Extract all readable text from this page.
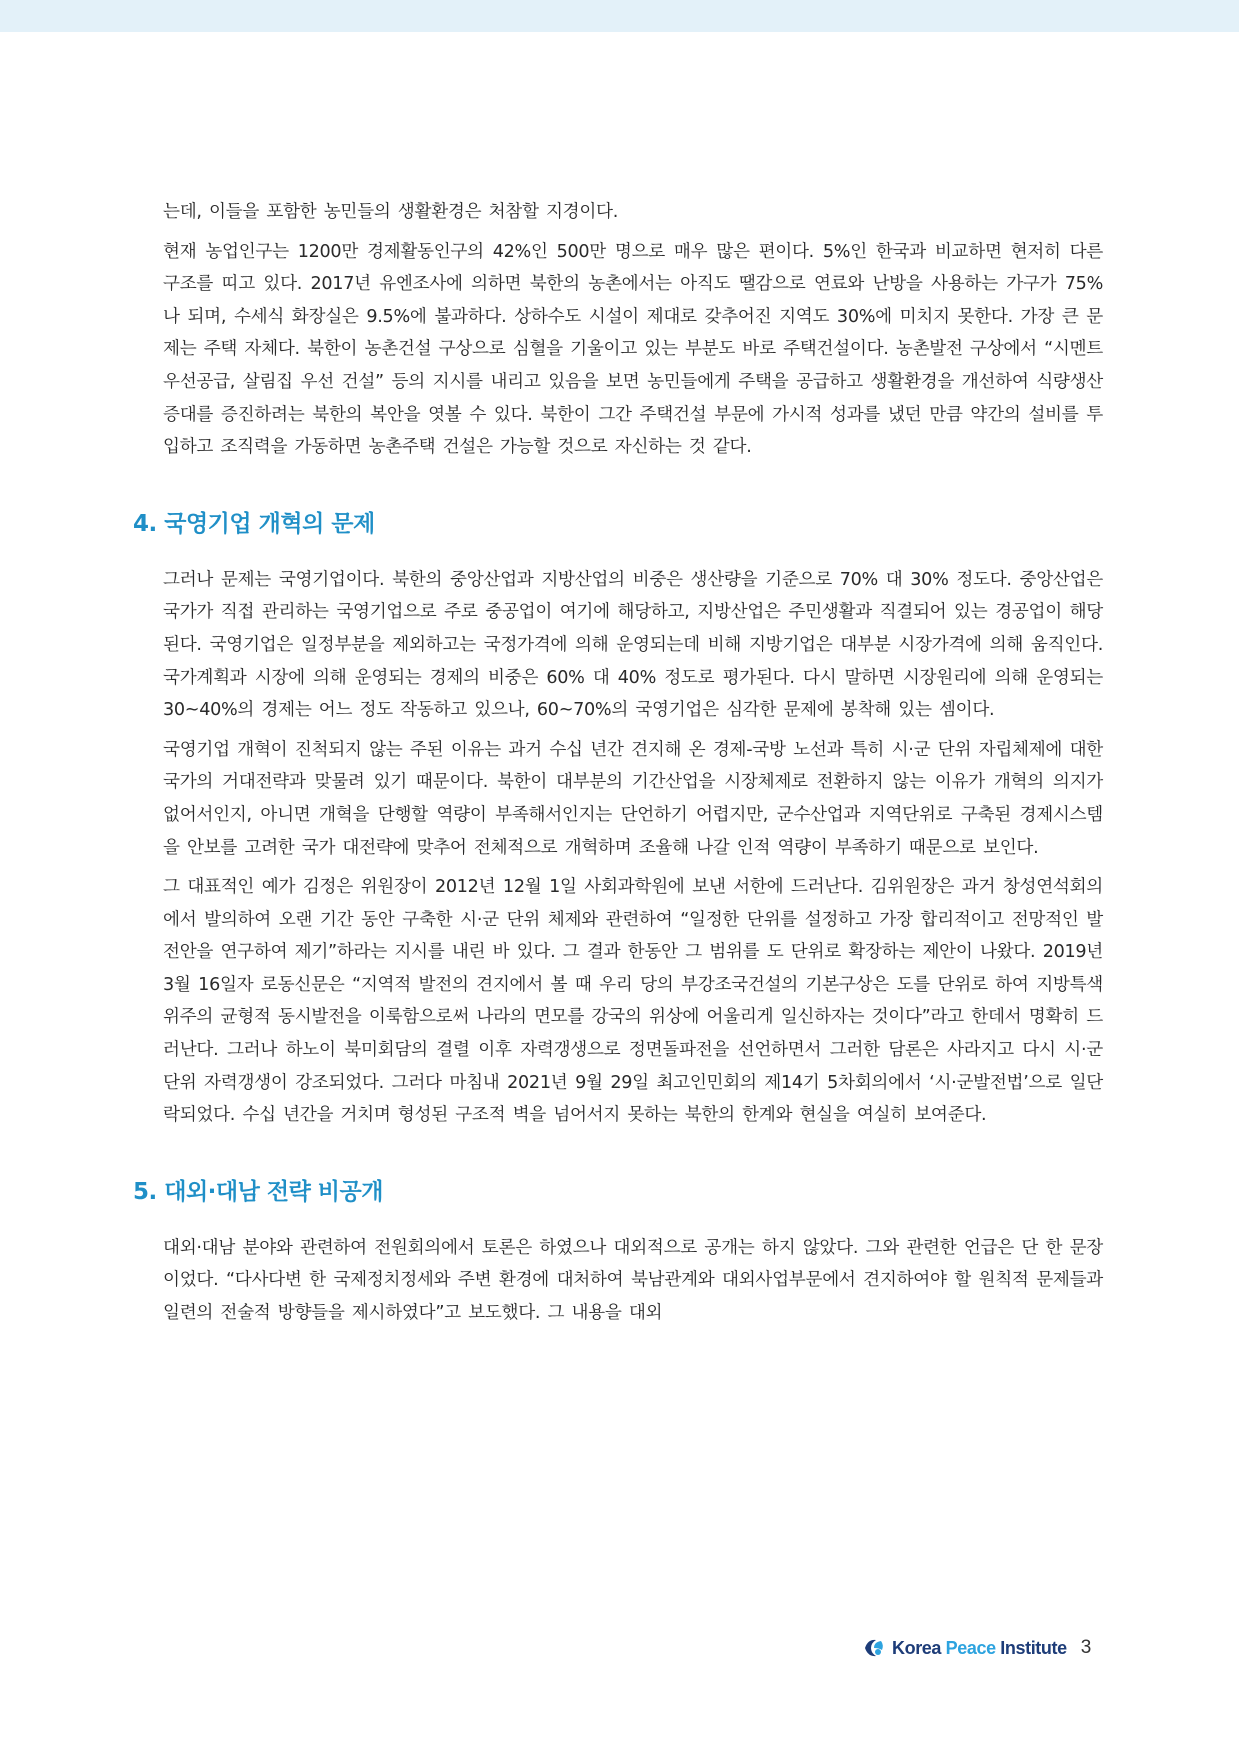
는데, 이들을 포함한 농민들의 생활환경은 처참할 지경이다.

현재 농업인구는 1200만 경제활동인구의 42%인 500만 명으로 매우 많은 편이다. 5%인 한국과 비교하면 현저히 다른 구조를 띠고 있다. 2017년 유엔조사에 의하면 북한의 농촌에서는 아직도 땔감으로 연료와 난방을 사용하는 가구가 75%나 되며, 수세식 화장실은 9.5%에 불과하다. 상하수도 시설이 제대로 갖추어진 지역도 30%에 미치지 못한다. 가장 큰 문제는 주택 자체다. 북한이 농촌건설 구상으로 심혈을 기울이고 있는 부분도 바로 주택건설이다. 농촌발전 구상에서 “시멘트 우선공급, 살림집 우선 건설” 등의 지시를 내리고 있음을 보면 농민들에게 주택을 공급하고 생활환경을 개선하여 식량생산 증대를 증진하려는 북한의 복안을 엿볼 수 있다. 북한이 그간 주택건설 부문에 가시적 성과를 냈던 만큼 약간의 설비를 투입하고 조직력을 가동하면 농촌주택 건설은 가능할 것으로 자신하는 것 같다.

4. 국영기업 개혁의 문제

그러나 문제는 국영기업이다. 북한의 중앙산업과 지방산업의 비중은 생산량을 기준으로 70% 대 30% 정도다. 중앙산업은 국가가 직접 관리하는 국영기업으로 주로 중공업이 여기에 해당하고, 지방산업은 주민생활과 직결되어 있는 경공업이 해당된다. 국영기업은 일정부분을 제외하고는 국정가격에 의해 운영되는데 비해 지방기업은 대부분 시장가격에 의해 움직인다. 국가계획과 시장에 의해 운영되는 경제의 비중은 60% 대 40% 정도로 평가된다. 다시 말하면 시장원리에 의해 운영되는 30~40%의 경제는 어느 정도 작동하고 있으나, 60~70%의 국영기업은 심각한 문제에 봉착해 있는 셈이다.

국영기업 개혁이 진척되지 않는 주된 이유는 과거 수십 년간 견지해 온 경제-국방 노선과 특히 시·군 단위 자립체제에 대한 국가의 거대전략과 맞물려 있기 때문이다. 북한이 대부분의 기간산업을 시장체제로 전환하지 않는 이유가 개혁의 의지가 없어서인지, 아니면 개혁을 단행할 역량이 부족해서인지는 단언하기 어렵지만, 군수산업과 지역단위로 구축된 경제시스템을 안보를 고려한 국가 대전략에 맞추어 전체적으로 개혁하며 조율해 나갈 인적 역량이 부족하기 때문으로 보인다.

그 대표적인 예가 김정은 위원장이 2012년 12월 1일 사회과학원에 보낸 서한에 드러난다. 김위원장은 과거 창성연석회의에서 발의하여 오랜 기간 동안 구축한 시·군 단위 체제와 관련하여 “일정한 단위를 설정하고 가장 합리적이고 전망적인 발전안을 연구하여 제기”하라는 지시를 내린 바 있다. 그 결과 한동안 그 범위를 도 단위로 확장하는 제안이 나왔다. 2019년 3월 16일자 로동신문은 “지역적 발전의 견지에서 볼 때 우리 당의 부강조국건설의 기본구상은 도를 단위로 하여 지방특색위주의 균형적 동시발전을 이룩함으로써 나라의 면모를 강국의 위상에 어울리게 일신하자는 것이다”라고 한데서 명확히 드러난다. 그러나 하노이 북미회담의 결렬 이후 자력갱생으로 정면돌파전을 선언하면서 그러한 담론은 사라지고 다시 시·군 단위 자력갱생이 강조되었다. 그러다 마침내 2021년 9월 29일 최고인민회의 제14기 5차회의에서 ‘시·군발전법’으로 일단락되었다. 수십 년간을 거치며 형성된 구조적 벽을 넘어서지 못하는 북한의 한계와 현실을 여실히 보여준다.

5. 대외·대남 전략 비공개

대외·대남 분야와 관련하여 전원회의에서 토론은 하였으나 대외적으로 공개는 하지 않았다. 그와 관련한 언급은 단 한 문장이었다. “다사다변 한 국제정치정세와 주변 환경에 대처하여 북남관계와 대외사업부문에서 견지하여야 할 원칙적 문제들과 일련의 전술적 방향들을 제시하였다”고 보도했다. 그 내용을 대외

Korea Peace Institute 3
